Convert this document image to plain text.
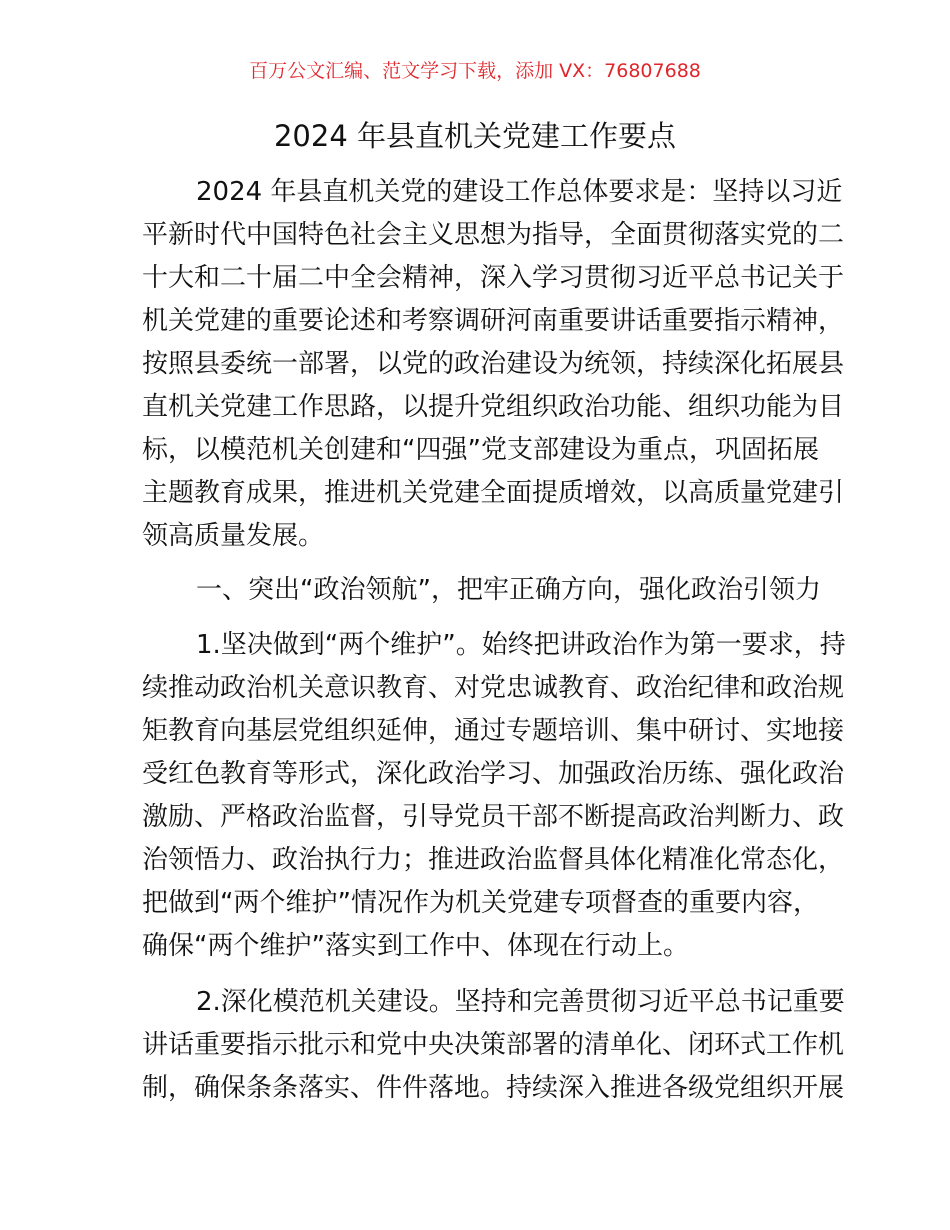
百万公文汇编、范文学习下载，添加 VX：76807688
2024 年县直机关党建工作要点
2024 年县直机关党的建设工作总体要求是：坚持以习近
平新时代中国特色社会主义思想为指导，全面贯彻落实党的二
十大和二十届二中全会精神，深入学习贯彻习近平总书记关于
机关党建的重要论述和考察调研河南重要讲话重要指示精神，
按照县委统一部署，以党的政治建设为统领，持续深化拓展县
直机关党建工作思路，以提升党组织政治功能、组织功能为目
标，以模范机关创建和“四强”党支部建设为重点，巩固拓展
主题教育成果，推进机关党建全面提质增效，以高质量党建引
领高质量发展。
一、突出“政治领航”，把牢正确方向，强化政治引领力
1.坚决做到“两个维护”。始终把讲政治作为第一要求，持
续推动政治机关意识教育、对党忠诚教育、政治纪律和政治规
矩教育向基层党组织延伸，通过专题培训、集中研讨、实地接
受红色教育等形式，深化政治学习、加强政治历练、强化政治
激励、严格政治监督，引导党员干部不断提高政治判断力、政
治领悟力、政治执行力；推进政治监督具体化精准化常态化，
把做到“两个维护”情况作为机关党建专项督查的重要内容，
确保“两个维护”落实到工作中、体现在行动上。
2.深化模范机关建设。坚持和完善贯彻习近平总书记重要
讲话重要指示批示和党中央决策部署的清单化、闭环式工作机
制，确保条条落实、件件落地。持续深入推进各级党组织开展
